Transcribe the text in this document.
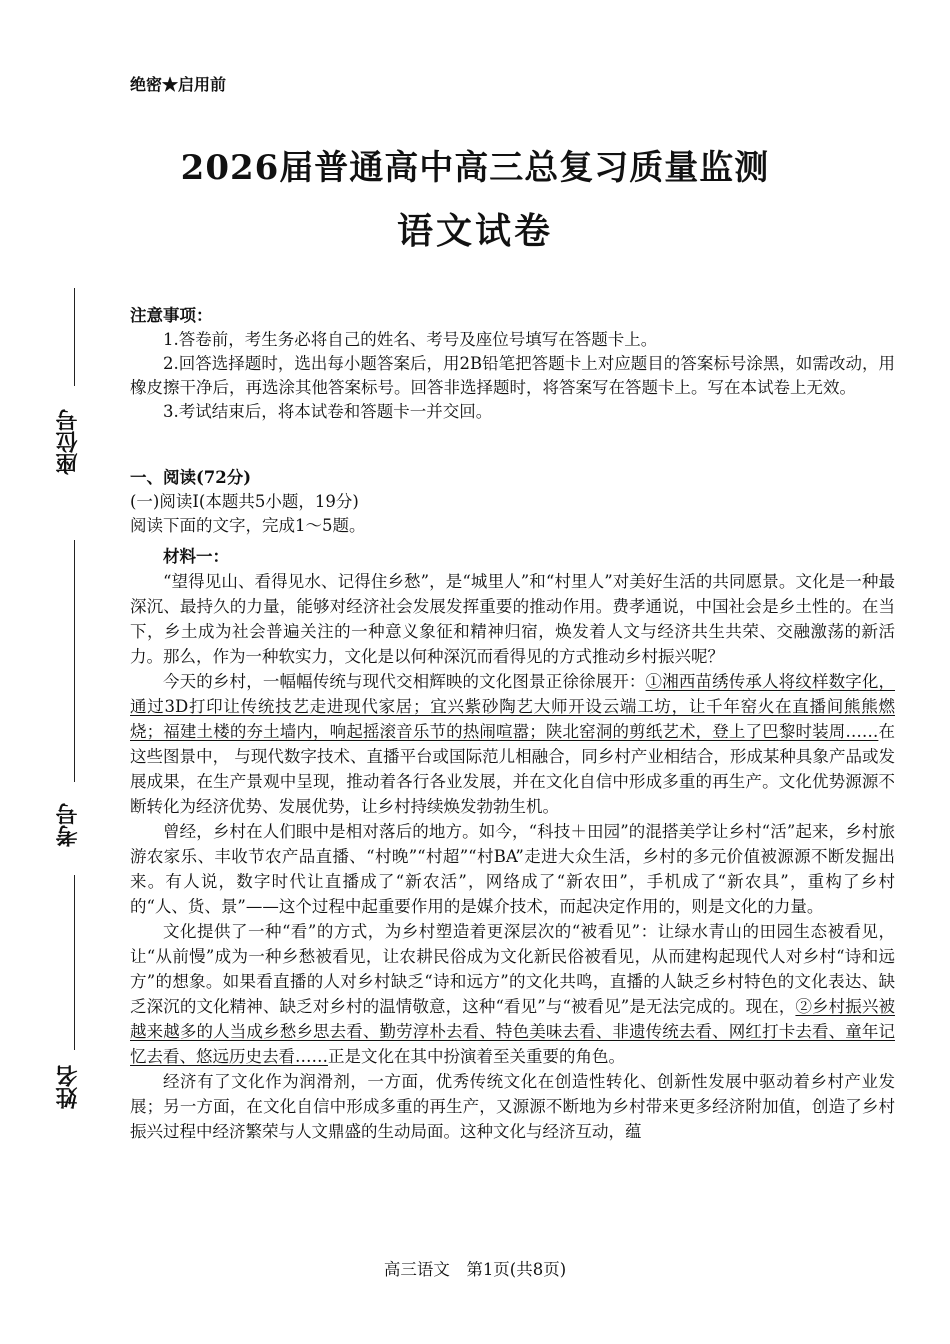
绝密★启用前
2026届普通高中高三总复习质量监测
语文试卷
座位号
考号
姓名
注意事项：

1.答卷前，考生务必将自己的姓名、考号及座位号填写在答题卡上。

2.回答选择题时，选出每小题答案后，用2B铅笔把答题卡上对应题目的答案标号涂黑，如需改动，用橡皮擦干净后，再选涂其他答案标号。回答非选择题时，将答案写在答题卡上。写在本试卷上无效。

3.考试结束后，将本试卷和答题卡一并交回。

一、阅读(72分)
(一)阅读Ⅰ(本题共5小题，19分)
阅读下面的文字，完成1～5题。
材料一：

“望得见山、看得见水、记得住乡愁”，是“城里人”和“村里人”对美好生活的共同愿景。文化是一种最深沉、最持久的力量，能够对经济社会发展发挥重要的推动作用。费孝通说，中国社会是乡土性的。在当下，乡土成为社会普遍关注的一种意义象征和精神归宿，焕发着人文与经济共生共荣、交融激荡的新活力。那么，作为一种软实力，文化是以何种深沉而看得见的方式推动乡村振兴呢？

今天的乡村，一幅幅传统与现代交相辉映的文化图景正徐徐展开：①湘西苗绣传承人将纹样数字化，通过3D打印让传统技艺走进现代家居；宜兴紫砂陶艺大师开设云端工坊，让千年窑火在直播间熊熊燃烧；福建土楼的夯土墙内，响起摇滚音乐节的热闹喧嚣；陕北窑洞的剪纸艺术，登上了巴黎时装周……在这些图景中， 与现代数字技术、直播平台或国际范儿相融合，同乡村产业相结合，形成某种具象产品或发展成果，在生产景观中呈现，推动着各行各业发展，并在文化自信中形成多重的再生产。文化优势源源不断转化为经济优势、发展优势，让乡村持续焕发勃勃生机。

曾经，乡村在人们眼中是相对落后的地方。如今，“科技＋田园”的混搭美学让乡村“活”起来，乡村旅游农家乐、丰收节农产品直播、“村晚”“村超”“村BA”走进大众生活，乡村的多元价值被源源不断发掘出来。有人说，数字时代让直播成了“新农活”，网络成了“新农田”，手机成了“新农具”，重构了乡村的“人、货、景”——这个过程中起重要作用的是媒介技术，而起决定作用的，则是文化的力量。

文化提供了一种“看”的方式，为乡村塑造着更深层次的“被看见”：让绿水青山的田园生态被看见，让“从前慢”成为一种乡愁被看见，让农耕民俗成为文化新民俗被看见，从而建构起现代人对乡村“诗和远方”的想象。如果看直播的人对乡村缺乏“诗和远方”的文化共鸣，直播的人缺乏乡村特色的文化表达、缺乏深沉的文化精神、缺乏对乡村的温情敬意，这种“看见”与“被看见”是无法完成的。现在，②乡村振兴被越来越多的人当成乡愁乡思去看、勤劳淳朴去看、特色美味去看、非遗传统去看、网红打卡去看、童年记忆去看、悠远历史去看……正是文化在其中扮演着至关重要的角色。

经济有了文化作为润滑剂，一方面，优秀传统文化在创造性转化、创新性发展中驱动着乡村产业发展；另一方面，在文化自信中形成多重的再生产，又源源不断地为乡村带来更多经济附加值，创造了乡村振兴过程中经济繁荣与人文鼎盛的生动局面。这种文化与经济互动，蕴

高三语文　第1页(共8页)
